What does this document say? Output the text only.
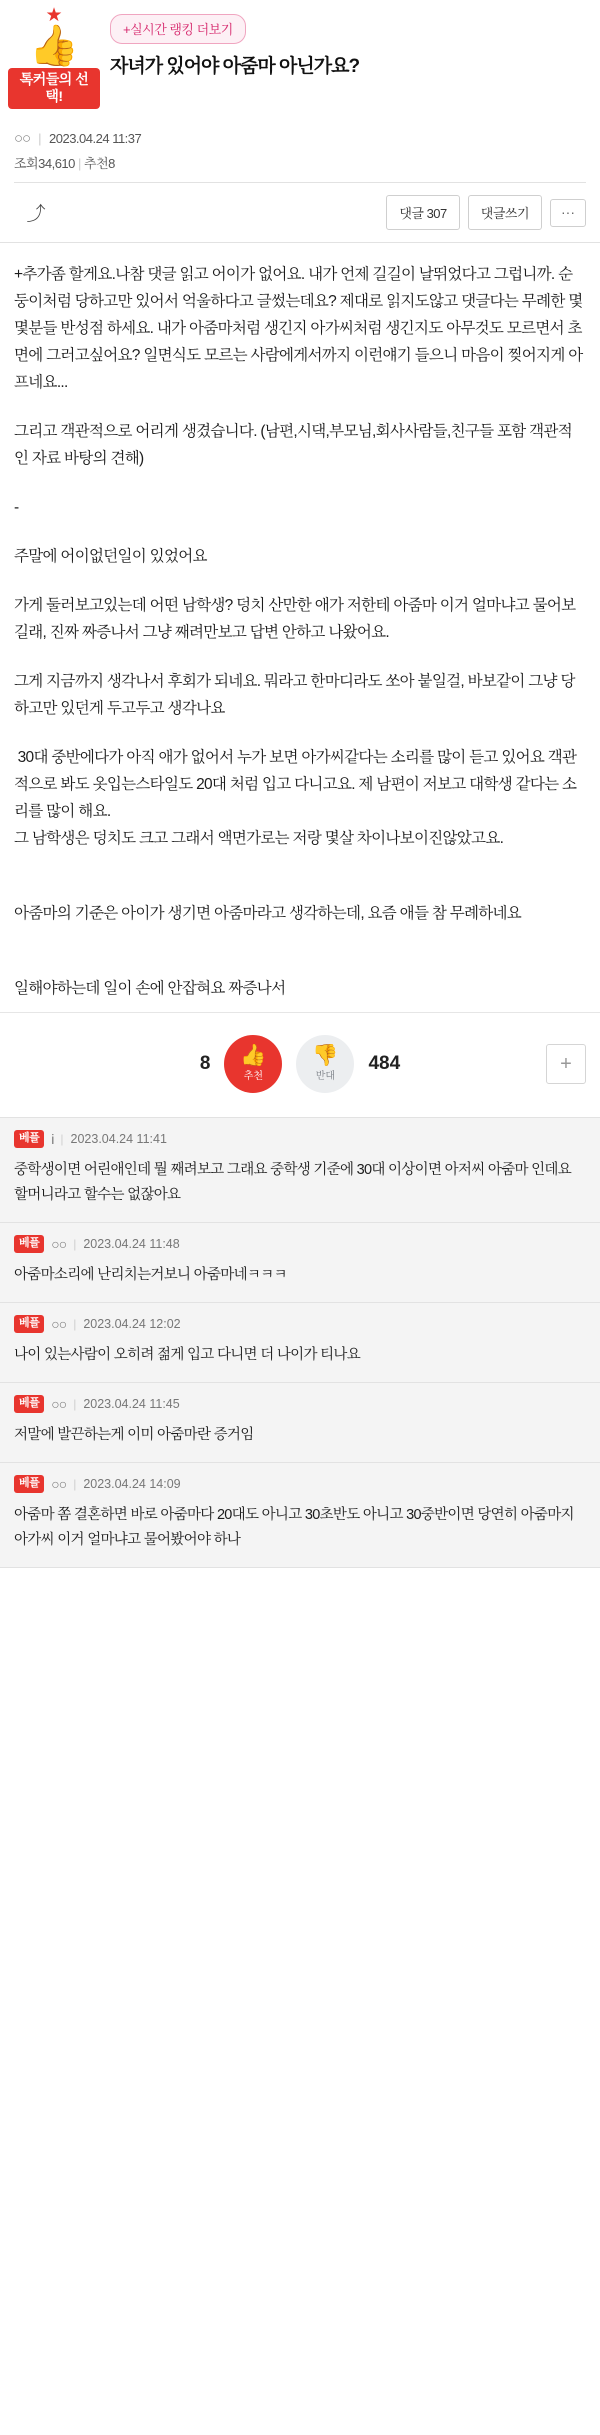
★
👍
톡커들의 선택!
+실시간 랭킹 더보기
자녀가 있어야 아줌마 아닌가요?
○○ | 2023.04.24 11:37
조회34,610 | 추천8
⤴	댓글 307	댓글쓰기	···

+추가좀 할게요.나참 댓글 읽고 어이가 없어요. 내가 언제 길길이 날뛰었다고 그럽니까. 순둥이처럼 당하고만 있어서 억울하다고 글썼는데요? 제대로 읽지도않고 댓글다는 무례한 몇몇분들 반성점 하세요. 내가 아줌마처럼 생긴지 아가씨처럼 생긴지도 아무것도 모르면서 초면에 그러고싶어요? 일면식도 모르는 사람에게서까지 이런얘기 들으니 마음이 찢어지게 아프네요...

그리고 객관적으로 어리게 생겼습니다. (남편,시댁,부모님,회사사람들,친구들 포함 객관적인 자료 바탕의 견해)

-

주말에 어이없던일이 있었어요

가게 둘러보고있는데 어떤 남학생? 덩치 산만한 애가 저한테 아줌마 이거 얼마냐고 물어보길래, 진짜 짜증나서 그냥 째려만보고 답변 안하고 나왔어요.

그게 지금까지 생각나서 후회가 되네요. 뭐라고 한마디라도 쏘아 붙일걸, 바보같이 그냥 당하고만 있던게 두고두고 생각나요

30대 중반에다가 아직 애가 없어서 누가 보면 아가씨같다는 소리를 많이 듣고 있어요 객관적으로 봐도 옷입는스타일도 20대 처럼 입고 다니고요. 제 남편이 저보고 대학생 같다는 소리를 많이 해요.

그 남학생은 덩치도 크고 그래서 액면가로는 저랑 몇살 차이나보이진않았고요.

아줌마의 기준은 아이가 생기면 아줌마라고 생각하는데, 요즘 애들 참 무례하네요

일해야하는데 일이 손에 안잡혀요 짜증나서

8 👍
추천
👎
반대
484	+
베플 i | 2023.04.24 11:41
중학생이면 어린애인데 뭘 째려보고 그래요 중학생 기준에 30대 이상이면 아저씨 아줌마 인데요 할머니라고 할수는 없잖아요
베플 ○○ | 2023.04.24 11:48
아줌마소리에 난리치는거보니 아줌마네ㅋㅋㅋ
베플 ○○ | 2023.04.24 12:02
나이 있는사람이 오히려 젊게 입고 다니면 더 나이가 티나요
베플 ○○ | 2023.04.24 11:45
저말에 발끈하는게 이미 아줌마란 증거임
베플 ○○ | 2023.04.24 14:09
아줌마 쫌 결혼하면 바로 아줌마다 20대도 아니고 30초반도 아니고 30중반이면 당연히 아줌마지 아가씨 이거 얼마냐고 물어봤어야 하나
